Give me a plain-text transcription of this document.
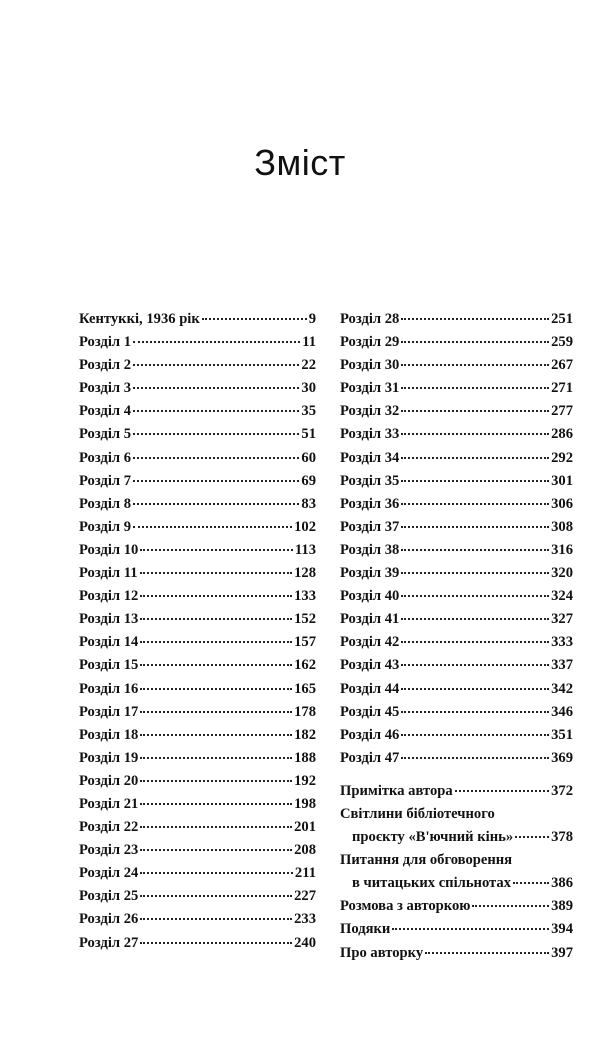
Зміст
Кентуккі, 1936 рік	9
Розділ 1	11
Розділ 2	22
Розділ 3	30
Розділ 4	35
Розділ 5	51
Розділ 6	60
Розділ 7	69
Розділ 8	83
Розділ 9	102
Розділ 10	113
Розділ 11	128
Розділ 12	133
Розділ 13	152
Розділ 14	157
Розділ 15	162
Розділ 16	165
Розділ 17	178
Розділ 18	182
Розділ 19	188
Розділ 20	192
Розділ 21	198
Розділ 22	201
Розділ 23	208
Розділ 24	211
Розділ 25	227
Розділ 26	233
Розділ 27	240
Розділ 28	251
Розділ 29	259
Розділ 30	267
Розділ 31	271
Розділ 32	277
Розділ 33	286
Розділ 34	292
Розділ 35	301
Розділ 36	306
Розділ 37	308
Розділ 38	316
Розділ 39	320
Розділ 40	324
Розділ 41	327
Розділ 42	333
Розділ 43	337
Розділ 44	342
Розділ 45	346
Розділ 46	351
Розділ 47	369
Примітка автора	372
Світлини бібліотечного
проєкту «В'ючний кінь»	378
Питання для обговорення
в читацьких спільнотах	386
Розмова з авторкою	389
Подяки	394
Про авторку	397
